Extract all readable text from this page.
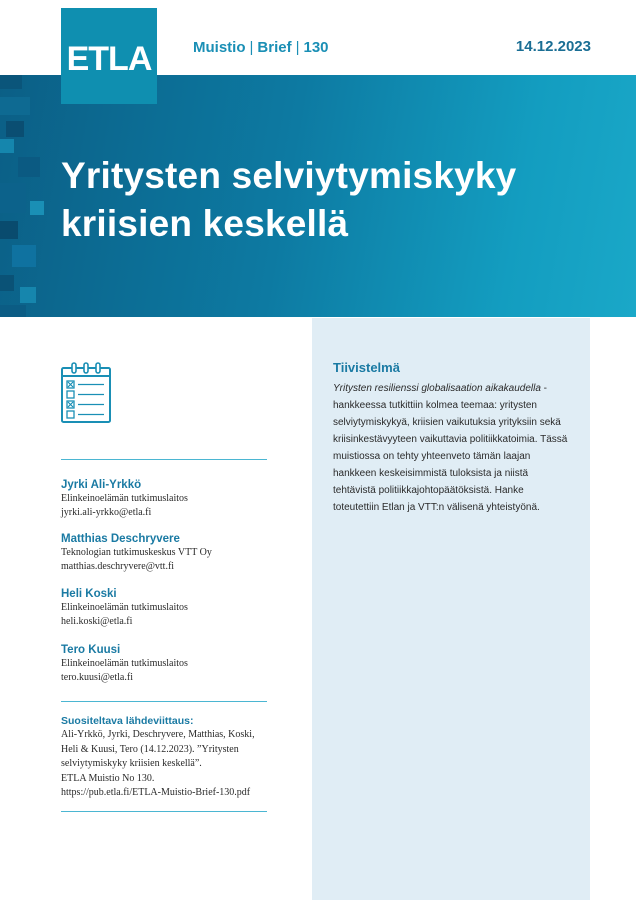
ETLA	Muistio | Brief | 130	14.12.2023
Yritysten selviytymiskyky
kriisien keskellä
Tiivistelmä

Yritysten resilienssi globalisaation aikakaudella -hankkeessa tutkittiin kolmea teemaa: yritysten selviytymiskykyä, kriisien vaikutuksia yrityksiin sekä kriisinkestävyyteen vaikuttavia politiikkatoimia. Tässä muistiossa on tehty yhteenveto tämän laajan hankkeen keskeisimmistä tuloksista ja niistä tehtävistä politiikkajohtopäätöksistä. Hanke toteutettiin Etlan ja VTT:n välisenä yhteistyönä.

Jyrki Ali-Yrkkö
Elinkeinoelämän tutkimuslaitos
jyrki.ali-yrkko@etla.fi
Matthias Deschryvere
Teknologian tutkimuskeskus VTT Oy
matthias.deschryvere@vtt.fi
Heli Koski
Elinkeinoelämän tutkimuslaitos
heli.koski@etla.fi
Tero Kuusi
Elinkeinoelämän tutkimuslaitos
tero.kuusi@etla.fi
Suositeltava lähdeviittaus:
Ali-Yrkkö, Jyrki, Deschryvere, Matthias, Koski,
Heli & Kuusi, Tero (14.12.2023). ”Yritysten
selviytymiskyky kriisien keskellä”.
ETLA Muistio No 130.
https://pub.etla.fi/ETLA-Muistio-Brief-130.pdf
